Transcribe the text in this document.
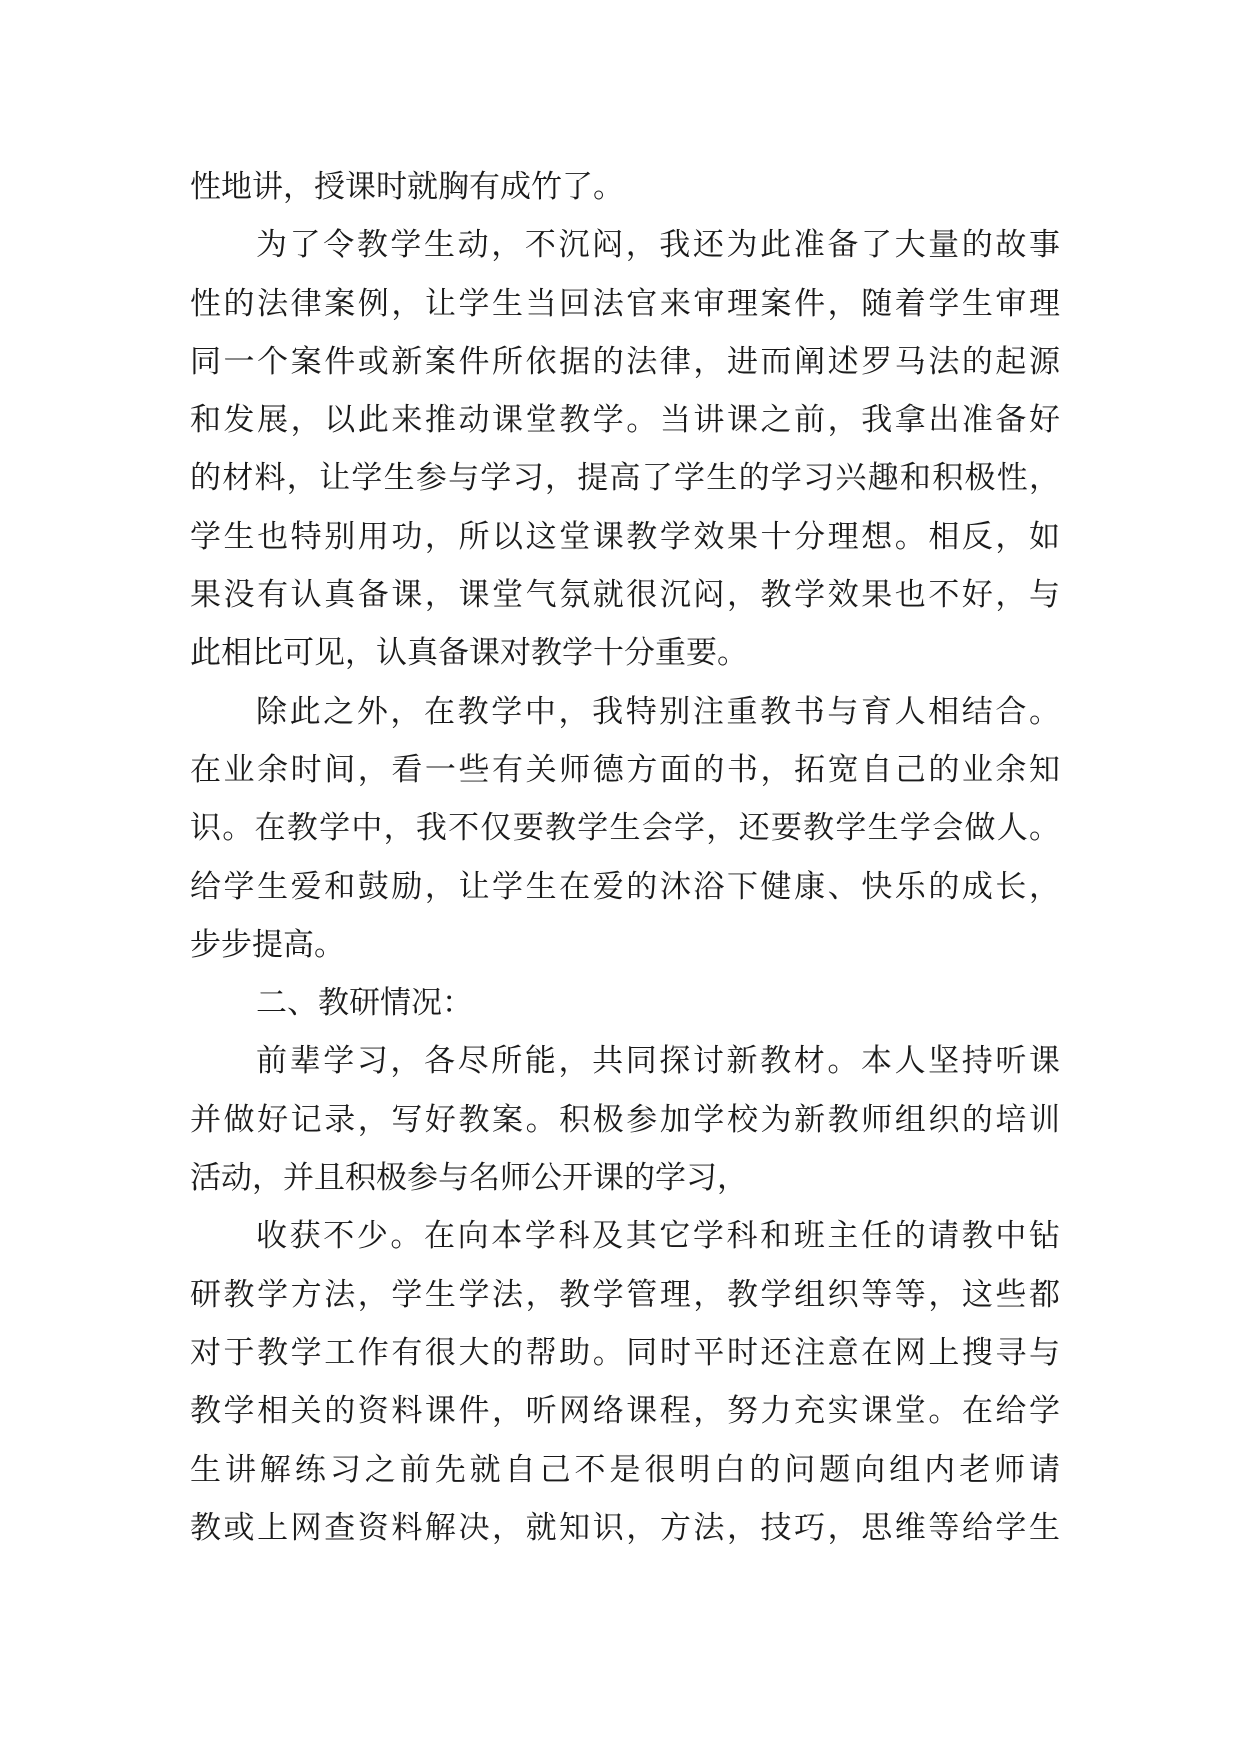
性地讲，授课时就胸有成竹了。
为了令教学生动，不沉闷，我还为此准备了大量的故事
性的法律案例，让学生当回法官来审理案件，随着学生审理
同一个案件或新案件所依据的法律，进而阐述罗马法的起源
和发展，以此来推动课堂教学。当讲课之前，我拿出准备好
的材料，让学生参与学习，提高了学生的学习兴趣和积极性，
学生也特别用功，所以这堂课教学效果十分理想。相反，如
果没有认真备课，课堂气氛就很沉闷，教学效果也不好，与
此相比可见，认真备课对教学十分重要。
除此之外，在教学中，我特别注重教书与育人相结合。
在业余时间，看一些有关师德方面的书，拓宽自己的业余知
识。在教学中，我不仅要教学生会学，还要教学生学会做人。
给学生爱和鼓励，让学生在爱的沐浴下健康、快乐的成长，
步步提高。
二、教研情况：
前辈学习，各尽所能，共同探讨新教材。本人坚持听课
并做好记录，写好教案。积极参加学校为新教师组织的培训
活动，并且积极参与名师公开课的学习，
收获不少。在向本学科及其它学科和班主任的请教中钻
研教学方法，学生学法，教学管理，教学组织等等，这些都
对于教学工作有很大的帮助。同时平时还注意在网上搜寻与
教学相关的资料课件，听网络课程，努力充实课堂。在给学
生讲解练习之前先就自己不是很明白的问题向组内老师请
教或上网查资料解决，就知识，方法，技巧，思维等给学生
